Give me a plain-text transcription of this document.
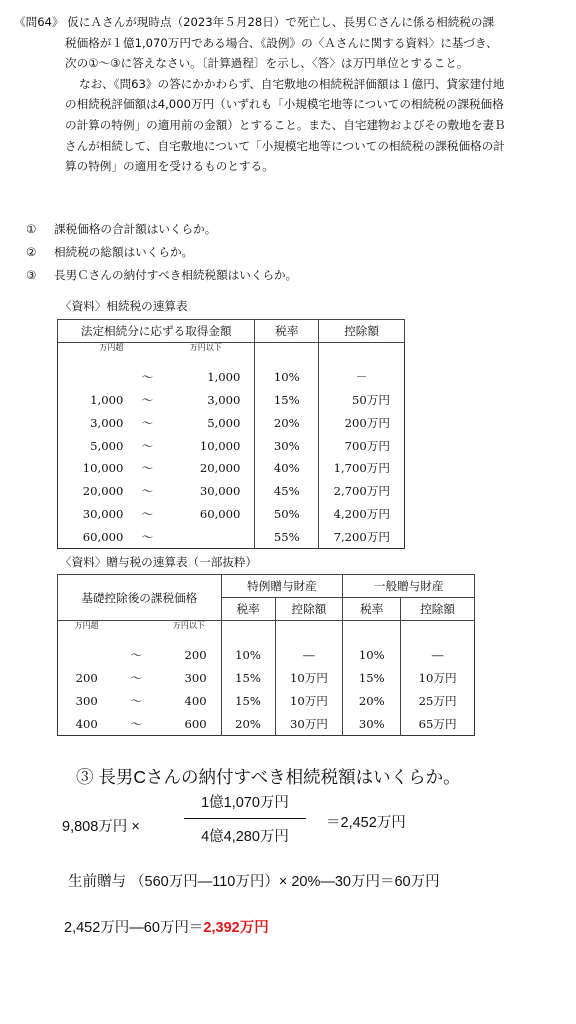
《問64》 仮にＡさんが現時点（2023年５月28日）で死亡し、長男Ｃさんに係る相続税の課
税価格が１億1,070万円である場合、《設例》の〈Ａさんに関する資料〉に基づき、
次の①～③に答えなさい。〔計算過程〕を示し、〈答〉は万円単位とすること。
なお、《問63》の答にかかわらず、自宅敷地の相続税評価額は１億円、貸家建付地
の相続税評価額は4,000万円（いずれも「小規模宅地等についての相続税の課税価格
の計算の特例」の適用前の金額）とすること。また、自宅建物およびその敷地を妻Ｂ
さんが相続して、自宅敷地について「小規模宅地等についての相続税の課税価格の計
算の特例」の適用を受けるものとする。
① 課税価格の合計額はいくらか。
② 相続税の総額はいくらか。
③ 長男Ｃさんの納付すべき相続税額はいくらか。
〈資料〉相続税の速算表
法定相続分に応ずる取得金額			税率	控除額
万円超		万円以下		
	～	1,000	10%	－
1,000	～	3,000	15%	50万円
3,000	～	5,000	20%	200万円
5,000	～	10,000	30%	700万円
10,000	～	20,000	40%	1,700万円
20,000	～	30,000	45%	2,700万円
30,000	～	60,000	50%	4,200万円
60,000	～		55%	7,200万円
〈資料〉贈与税の速算表（一部抜粋）
基礎控除後の課税価格			特例贈与財産		一般贈与財産	
			税率	控除額	税率	控除額
万円超		万円以下				
	～	200	10%	―	10%	―
200	～	300	15%	10万円	15%	10万円
300	～	400	15%	10万円	20%	25万円
400	～	600	20%	30万円	30%	65万円
③ 長男Cさんの納付すべき相続税額はいくらか。
9,808万円 ×
1億1,070万円
4億4,280万円
＝2,452万円
生前贈与 （560万円―110万円）× 20%―30万円＝60万円
2,452万円―60万円＝2,392万円
